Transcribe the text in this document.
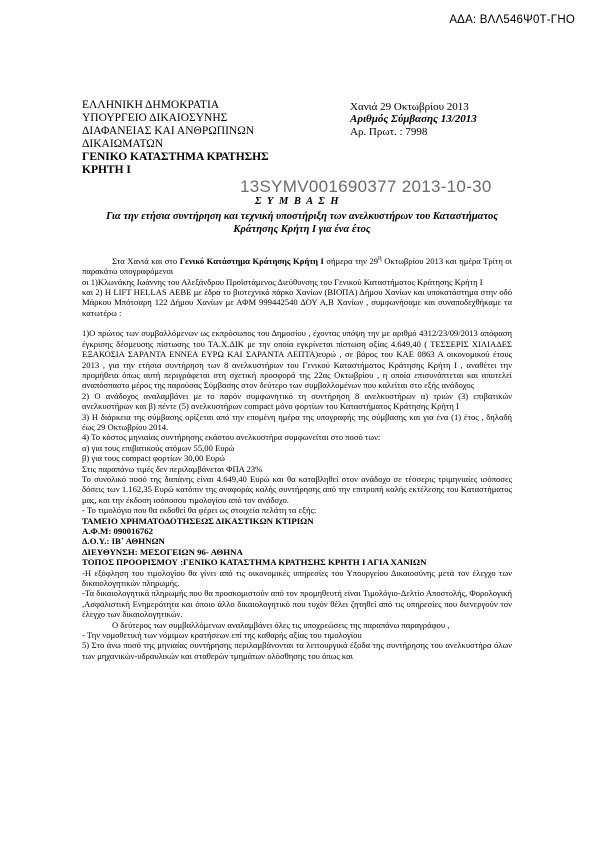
ΑΔΑ: ΒΛΛ546Ψ0Τ-ΓΗΟ
ΕΛΛΗΝΙΚΗ ΔΗΜΟΚΡΑΤΙΑ
ΥΠΟΥΡΓΕΙΟ ΔΙΚΑΙΟΣΥΝΗΣ
ΔΙΑΦΑΝΕΙΑΣ ΚΑΙ ΑΝΘΡΩΠΙΝΩΝ
ΔΙΚΑΙΩΜΑΤΩΝ
ΓΕΝΙΚΟ ΚΑΤΑΣΤΗΜΑ ΚΡΑΤΗΣΗΣ
ΚΡΗΤΗ Ι
Χανιά 29 Οκτωβρίου 2013
Αριθμός Σύμβασης 13/2013
Αρ. Πρωτ. : 7998
13SYMV001690377 2013-10-30
Σ Υ Μ Β Α Σ Η
Για την ετήσια συντήρηση και τεχνική υποστήριξη των ανελκυστήρων του Καταστήματος Κράτησης Κρήτη Ι για ένα έτος

Στα Χανιά και στο Γενικό Κατάστημα Κράτησης Κρήτη Ι σήμερα την $29^\eta$ Οκτωβρίου 2013 και ημέρα Τρίτη οι παρακάτω υπογραφόμενοι

οι 1)Κλωνάκης Ιωάννης του Αλεξάνδρου Προϊστάμενος Διεύθυνσης του Γενικού Καταστήματος Κράτησης Κρήτη Ι

και 2) Η LIFT HELLAS ΑΕΒΕ με έδρα το βιοτεχνικό πάρκο Χανίων (ΒΙΟΠΑ) Δήμου Χανίων και υποκατάστημα στην οδό Μάρκου Μπότσαρη 122 Δήμου Χανίων με ΑΦΜ 999442540 ΔΟΥ Α,Β Χανίων , συμφωνήσαμε και συναποδεχθήκαμε τα κατωτέρω :

1)Ο πρώτος των συμβαλλόμενων ως εκπρόσωπος του Δημοσίου , έχοντας υπόψη την με αριθμό 4312/23/09/2013 απόφαση έγκρισης δέσμευσης πίστωσης του ΤΑ.Χ.ΔΙΚ με την οποία εγκρίνεται πίστωση αξίας 4.649,40 ( ΤΕΣΣΕΡΙΣ ΧΙΛΙΑΔΕΣ ΕΞΑΚΟΣΙΑ ΣΑΡΑΝΤΑ ΕΝΝΕΑ ΕΥΡΩ ΚΑΙ ΣΑΡΑΝΤΑ ΛΕΠΤΑ)ευρώ , σε βάρος του ΚΑΕ 0863 Α οικονομικού έτους 2013 , για την ετήσια συντήρηση των 8 ανελκυστήρων του Γενικού Καταστήματος Κράτησης Κρήτη Ι , αναθέτει την προμήθεια όπως αυτή περιγράφεται στη σχετική προσφορά της 22ας Οκτωβρίου , η οποία επισυνάπτεται και αποτελεί αναπόσπαστο μέρος της παρούσας Σύμβασης στον δεύτερο των συμβαλλομένων που καλείται στο εξής ανάδοχος

2) Ο ανάδοχος αναλαμβάνει με το παρόν συμφωνητικό τη συντήρηση 8 ανελκυστήρων α) τριών (3) επιβατικών ανελκυστήρων και β) πέντε (5) ανελκυστήρων compact μόνο φορτίων του Καταστήματος Κράτησης Κρήτη Ι

3) Η διάρκεια της σύμβασης ορίζεται από την επομένη ημέρα της υπογραφής της σύμβασης και για ένα (1) έτος , δηλαδή έως 29 Οκτωβρίου 2014.

4) Το κόστος μηνιαίας συντήρησης εκάστου ανελκυστήρα συμφωνείται στο ποσό των:

α) για τους επιβατικούς ατόμων 55,00 Ευρώ

β) για τους compact φορτίων 30,00 Ευρώ

Στις παραπάνω τιμές δεν περιλαμβάνεται ΦΠΑ 23%

Το συνολικό ποσό της δαπάνης είναι 4.649,40 Ευρώ και θα καταβληθεί στον ανάδοχο σε τέσσερις τριμηνιαίες ισόποσες δόσεις των 1.162,35 Ευρώ κατόπιν της αναφοράς καλής συντήρησης από την επιτροπή καλής εκτέλεσης του Καταστήματος μας, και την έκδοση ισόποσου τιμολογίου από τον ανάδοχο.

- Το τιμολόγιο που θα εκδοθεί θα φέρει ως στοιχεία πελάτη τα εξής:

ΤΑΜΕΙΟ ΧΡΗΜΑΤΟΔΟΤΗΣΕΩΣ ΔΙΚΑΣΤΙΚΩΝ ΚΤΙΡΙΩΝ

Α.Φ.Μ: 090016762

Δ.Ο.Υ.: ΙΒ΄ ΑΘΗΝΩΝ

ΔΙΕΥΘΥΝΣΗ: ΜΕΣΟΓΕΙΩΝ 96- ΑΘΗΝΑ

ΤΟΠΟΣ ΠΡΟΟΡΙΣΜΟΥ :ΓΕΝΙΚΟ ΚΑΤΑΣΤΗΜΑ ΚΡΑΤΗΣΗΣ ΚΡΗΤΗ Ι ΑΓΙΑ ΧΑΝΙΩΝ

-Η εξόφληση του τιμολογίου θα γίνει από τις οικονομικές υπηρεσίες του Υπουργείου Δικαιοσύνης μετά τον έλεγχο των δικαιολογητικών πληρωμής.

-Τα δικαιολογητικά πληρωμής που θα προσκομιστούν από τον προμηθευτή είναι Τιμολόγιο-Δελτίο Αποστολής, Φορολογική ,Ασφαλιστική Ενημερότητα και όποιο άλλο δικαιολογητικό που τυχόν θέλει ζητηθεί από τις υπηρεσίες που διενεργούν τον έλεγχο των δικαιολογητικών.

Ο δεύτερος των συμβαλλόμενων αναλαμβάνει όλες τις υποχρεώσεις της παραπάνω παραγράφου ,

- Την νομοθετική των νόμιμων κρατήσεων επί της καθαρής αξίας του τιμολογίου

5) Στο άνω ποσό της μηνιαίας συντήρησης περιλαμβάνονται τα λειτουργικά έξοδα της συντήρησης του ανελκυστήρα όλων των μηχανικών-υδραυλικών και σταθερών τμημάτων ολόσθησης του όπως και
